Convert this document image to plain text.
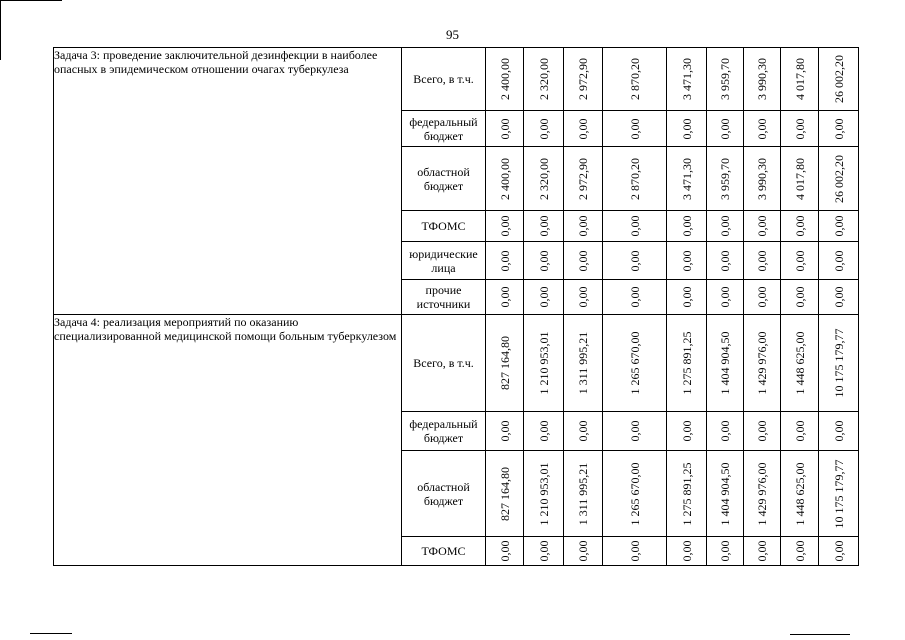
95
Задача 3: проведение заключительной дезинфекции в наиболее опасных в эпидемическом отношении очагах туберкулеза	Всего, в т.ч.	2 400,00	2 320,00	2 972,90	2 870,20	3 471,30	3 959,70	3 990,30	4 017,80	26 002,20

	федеральный бюджет	0,00	0,00	0,00	0,00	0,00	0,00	0,00	0,00	0,00

	областной бюджет	2 400,00	2 320,00	2 972,90	2 870,20	3 471,30	3 959,70	3 990,30	4 017,80	26 002,20

	ТФОМС	0,00	0,00	0,00	0,00	0,00	0,00	0,00	0,00	0,00

	юридические лица	0,00	0,00	0,00	0,00	0,00	0,00	0,00	0,00	0,00

	прочие источники	0,00	0,00	0,00	0,00	0,00	0,00	0,00	0,00	0,00

Задача 4: реализация мероприятий по оказанию специализированной медицинской помощи больным туберкулезом	Всего, в т.ч.	827 164,80	1 210 953,01	1 311 995,21	1 265 670,00	1 275 891,25	1 404 904,50	1 429 976,00	1 448 625,00	10 175 179,77

	федеральный бюджет	0,00	0,00	0,00	0,00	0,00	0,00	0,00	0,00	0,00

	областной бюджет	827 164,80	1 210 953,01	1 311 995,21	1 265 670,00	1 275 891,25	1 404 904,50	1 429 976,00	1 448 625,00	10 175 179,77

	ТФОМС	0,00	0,00	0,00	0,00	0,00	0,00	0,00	0,00	0,00
